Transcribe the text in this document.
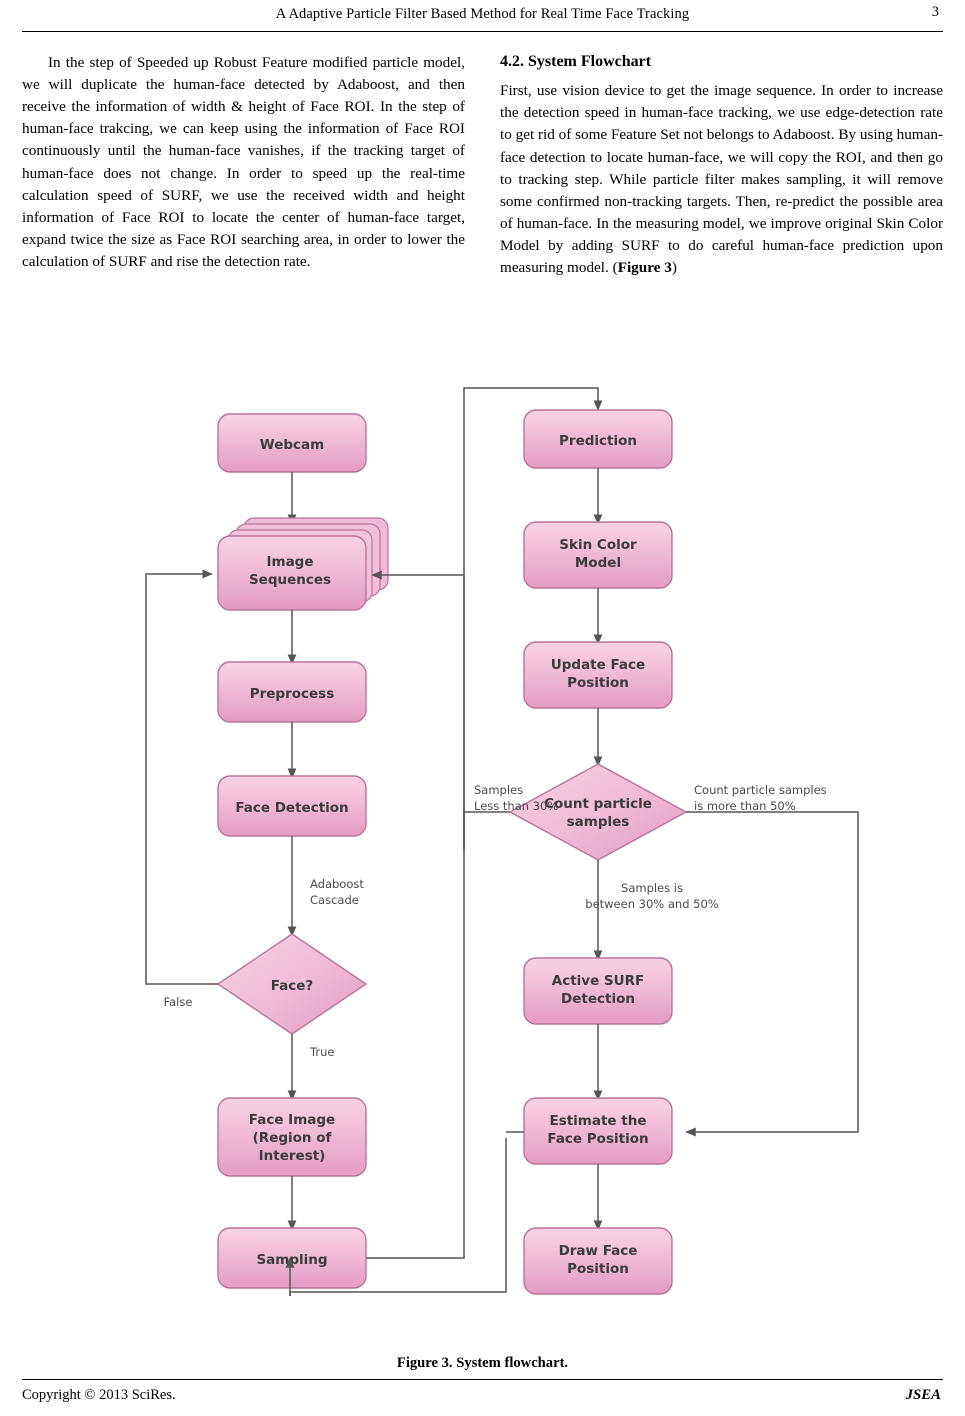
A Adaptive Particle Filter Based Method for Real Time Face Tracking	3

In the step of Speeded up Robust Feature modified particle model, we will duplicate the human-face detected by Adaboost, and then receive the information of width & height of Face ROI. In the step of human-face trakcing, we can keep using the information of Face ROI continuously until the human-face vanishes, if the tracking target of human-face does not change. In order to speed up the real-time calculation speed of SURF, we use the received width and height information of Face ROI to locate the center of human-face target, expand twice the size as Face ROI searching area, in order to lower the calculation of SURF and rise the detection rate.

4.2. System Flowchart

First, use vision device to get the image sequence. In order to increase the detection speed in human-face tracking, we use edge-detection rate to get rid of some Feature Set not belongs to Adaboost. By using human-face detection to locate human-face, we will copy the ROI, and then go to tracking step. While particle filter makes sampling, it will remove some confirmed non-tracking targets. Then, re-predict the possible area of human-face. In the measuring model, we improve original Skin Color Model by adding SURF to do careful human-face prediction upon measuring model. (Figure 3)

Webcam
Image
Sequences
Preprocess
Face Detection
Adaboost
Cascade
Face?
False
True
Face Image
(Region of
Interest)
Sampling
Prediction
Skin Color
Model
Update Face
Position
Count particle
samples
Samples
Less than 30%
Count particle samples
is more than 50%
Samples is
between 30% and 50%
Active SURF
Detection
Estimate the
Face Position
Draw Face
Position
Figure 3. System flowchart.
Copyright © 2013 SciRes.	JSEA
